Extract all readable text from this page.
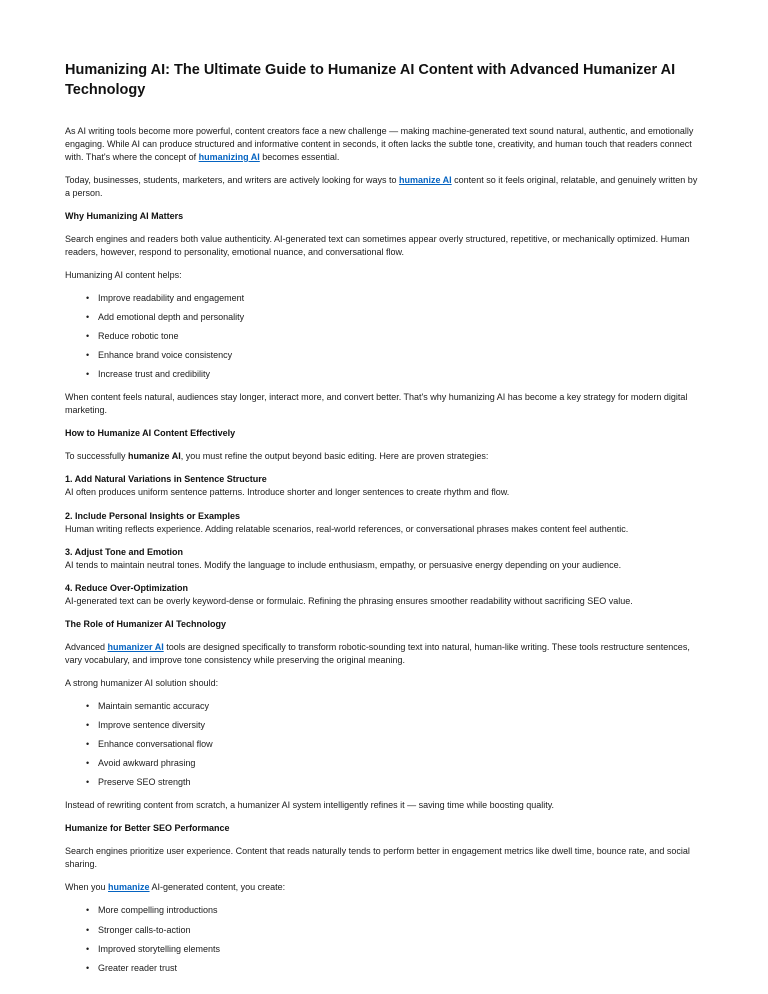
Humanizing AI: The Ultimate Guide to Humanize AI Content with Advanced Humanizer AI Technology

As AI writing tools become more powerful, content creators face a new challenge — making machine-generated text sound natural, authentic, and emotionally engaging. While AI can produce structured and informative content in seconds, it often lacks the subtle tone, creativity, and human touch that readers connect with. That's where the concept of humanizing AI becomes essential.

Today, businesses, students, marketers, and writers are actively looking for ways to humanize AI content so it feels original, relatable, and genuinely written by a person.

Why Humanizing AI Matters

Search engines and readers both value authenticity. AI-generated text can sometimes appear overly structured, repetitive, or mechanically optimized. Human readers, however, respond to personality, emotional nuance, and conversational flow.

Humanizing AI content helps:

• Improve readability and engagement
• Add emotional depth and personality
• Reduce robotic tone
• Enhance brand voice consistency
• Increase trust and credibility

When content feels natural, audiences stay longer, interact more, and convert better. That's why humanizing AI has become a key strategy for modern digital marketing.

How to Humanize AI Content Effectively

To successfully humanize AI, you must refine the output beyond basic editing. Here are proven strategies:

1. Add Natural Variations in Sentence Structure
AI often produces uniform sentence patterns. Introduce shorter and longer sentences to create rhythm and flow.

2. Include Personal Insights or Examples
Human writing reflects experience. Adding relatable scenarios, real-world references, or conversational phrases makes content feel authentic.

3. Adjust Tone and Emotion
AI tends to maintain neutral tones. Modify the language to include enthusiasm, empathy, or persuasive energy depending on your audience.

4. Reduce Over-Optimization
AI-generated text can be overly keyword-dense or formulaic. Refining the phrasing ensures smoother readability without sacrificing SEO value.

The Role of Humanizer AI Technology

Advanced humanizer AI tools are designed specifically to transform robotic-sounding text into natural, human-like writing. These tools restructure sentences, vary vocabulary, and improve tone consistency while preserving the original meaning.

A strong humanizer AI solution should:

• Maintain semantic accuracy
• Improve sentence diversity
• Enhance conversational flow
• Avoid awkward phrasing
• Preserve SEO strength

Instead of rewriting content from scratch, a humanizer AI system intelligently refines it — saving time while boosting quality.

Humanize for Better SEO Performance

Search engines prioritize user experience. Content that reads naturally tends to perform better in engagement metrics like dwell time, bounce rate, and social sharing.

When you humanize AI-generated content, you create:

• More compelling introductions
• Stronger calls-to-action
• Improved storytelling elements
• Greater reader trust
